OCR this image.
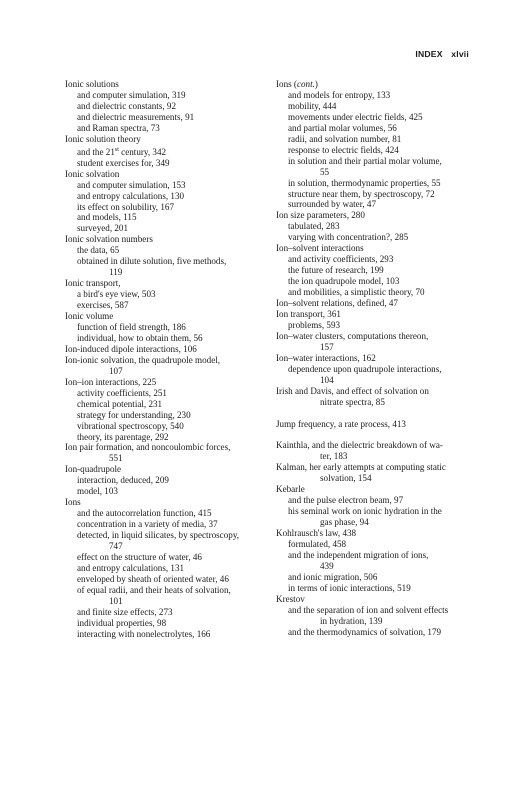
INDEX xlvii
Ionic solutions
and computer simulation, 319
and dielectric constants, 92
and dielectric measurements, 91
and Raman spectra, 73
Ionic solution theory
and the 21st century, 342
student exercises for, 349
Ionic solvation
and computer simulation, 153
and entropy calculations, 130
its effect on solubility, 167
and models, 115
surveyed, 201
Ionic solvation numbers
the data, 65
obtained in dilute solution, five methods,
119
Ionic transport,
a bird's eye view, 503
exercises, 587
Ionic volume
function of field strength, 186
individual, how to obtain them, 56
Ion-induced dipole interactions, 106
Ion-ionic solvation, the quadrupole model,
107
Ion–ion interactions, 225
activity coefficients, 251
chemical potential, 231
strategy for understanding, 230
vibrational spectroscopy, 540
theory, its parentage, 292
Ion pair formation, and noncoulombic forces,
551
Ion-quadrupole
interaction, deduced, 209
model, 103
Ions
and the autocorrelation function, 415
concentration in a variety of media, 37
detected, in liquid silicates, by spectroscopy,
747
effect on the structure of water, 46
and entropy calculations, 131
enveloped by sheath of oriented water, 46
of equal radii, and their heats of solvation,
101
and finite size effects, 273
individual properties, 98
interacting with nonelectrolytes, 166
Ions (cont.)
and models for entropy, 133
mobility, 444
movements under electric fields, 425
and partial molar volumes, 56
radii, and solvation number, 81
response to electric fields, 424
in solution and their partial molar volume,
55
in solution, thermodynamic properties, 55
structure near them, by spectroscopy, 72
surrounded by water, 47
Ion size parameters, 280
tabulated, 283
varying with concentration?, 285
Ion–solvent interactions
and activity coefficients, 293
the future of research, 199
the ion quadrupole model, 103
and mobilities, a simplistic theory, 70
Ion–solvent relations, defined, 47
Ion transport, 361
problems, 593
Ion–water clusters, computations thereon,
157
Ion–water interactions, 162
dependence upon quadrupole interactions,
104
Irish and Davis, and effect of solvation on
nitrate spectra, 85
Jump frequency, a rate process, 413
Kainthla, and the dielectric breakdown of wa-
ter, 183
Kalman, her early attempts at computing static
solvation, 154
Kebarle
and the pulse electron beam, 97
his seminal work on ionic hydration in the
gas phase, 94
Kohlrausch's law, 438
formulated, 458
and the independent migration of ions,
439
and ionic migration, 506
in terms of ionic interactions, 519
Krestov
and the separation of ion and solvent effects
in hydration, 139
and the thermodynamics of solvation, 179
